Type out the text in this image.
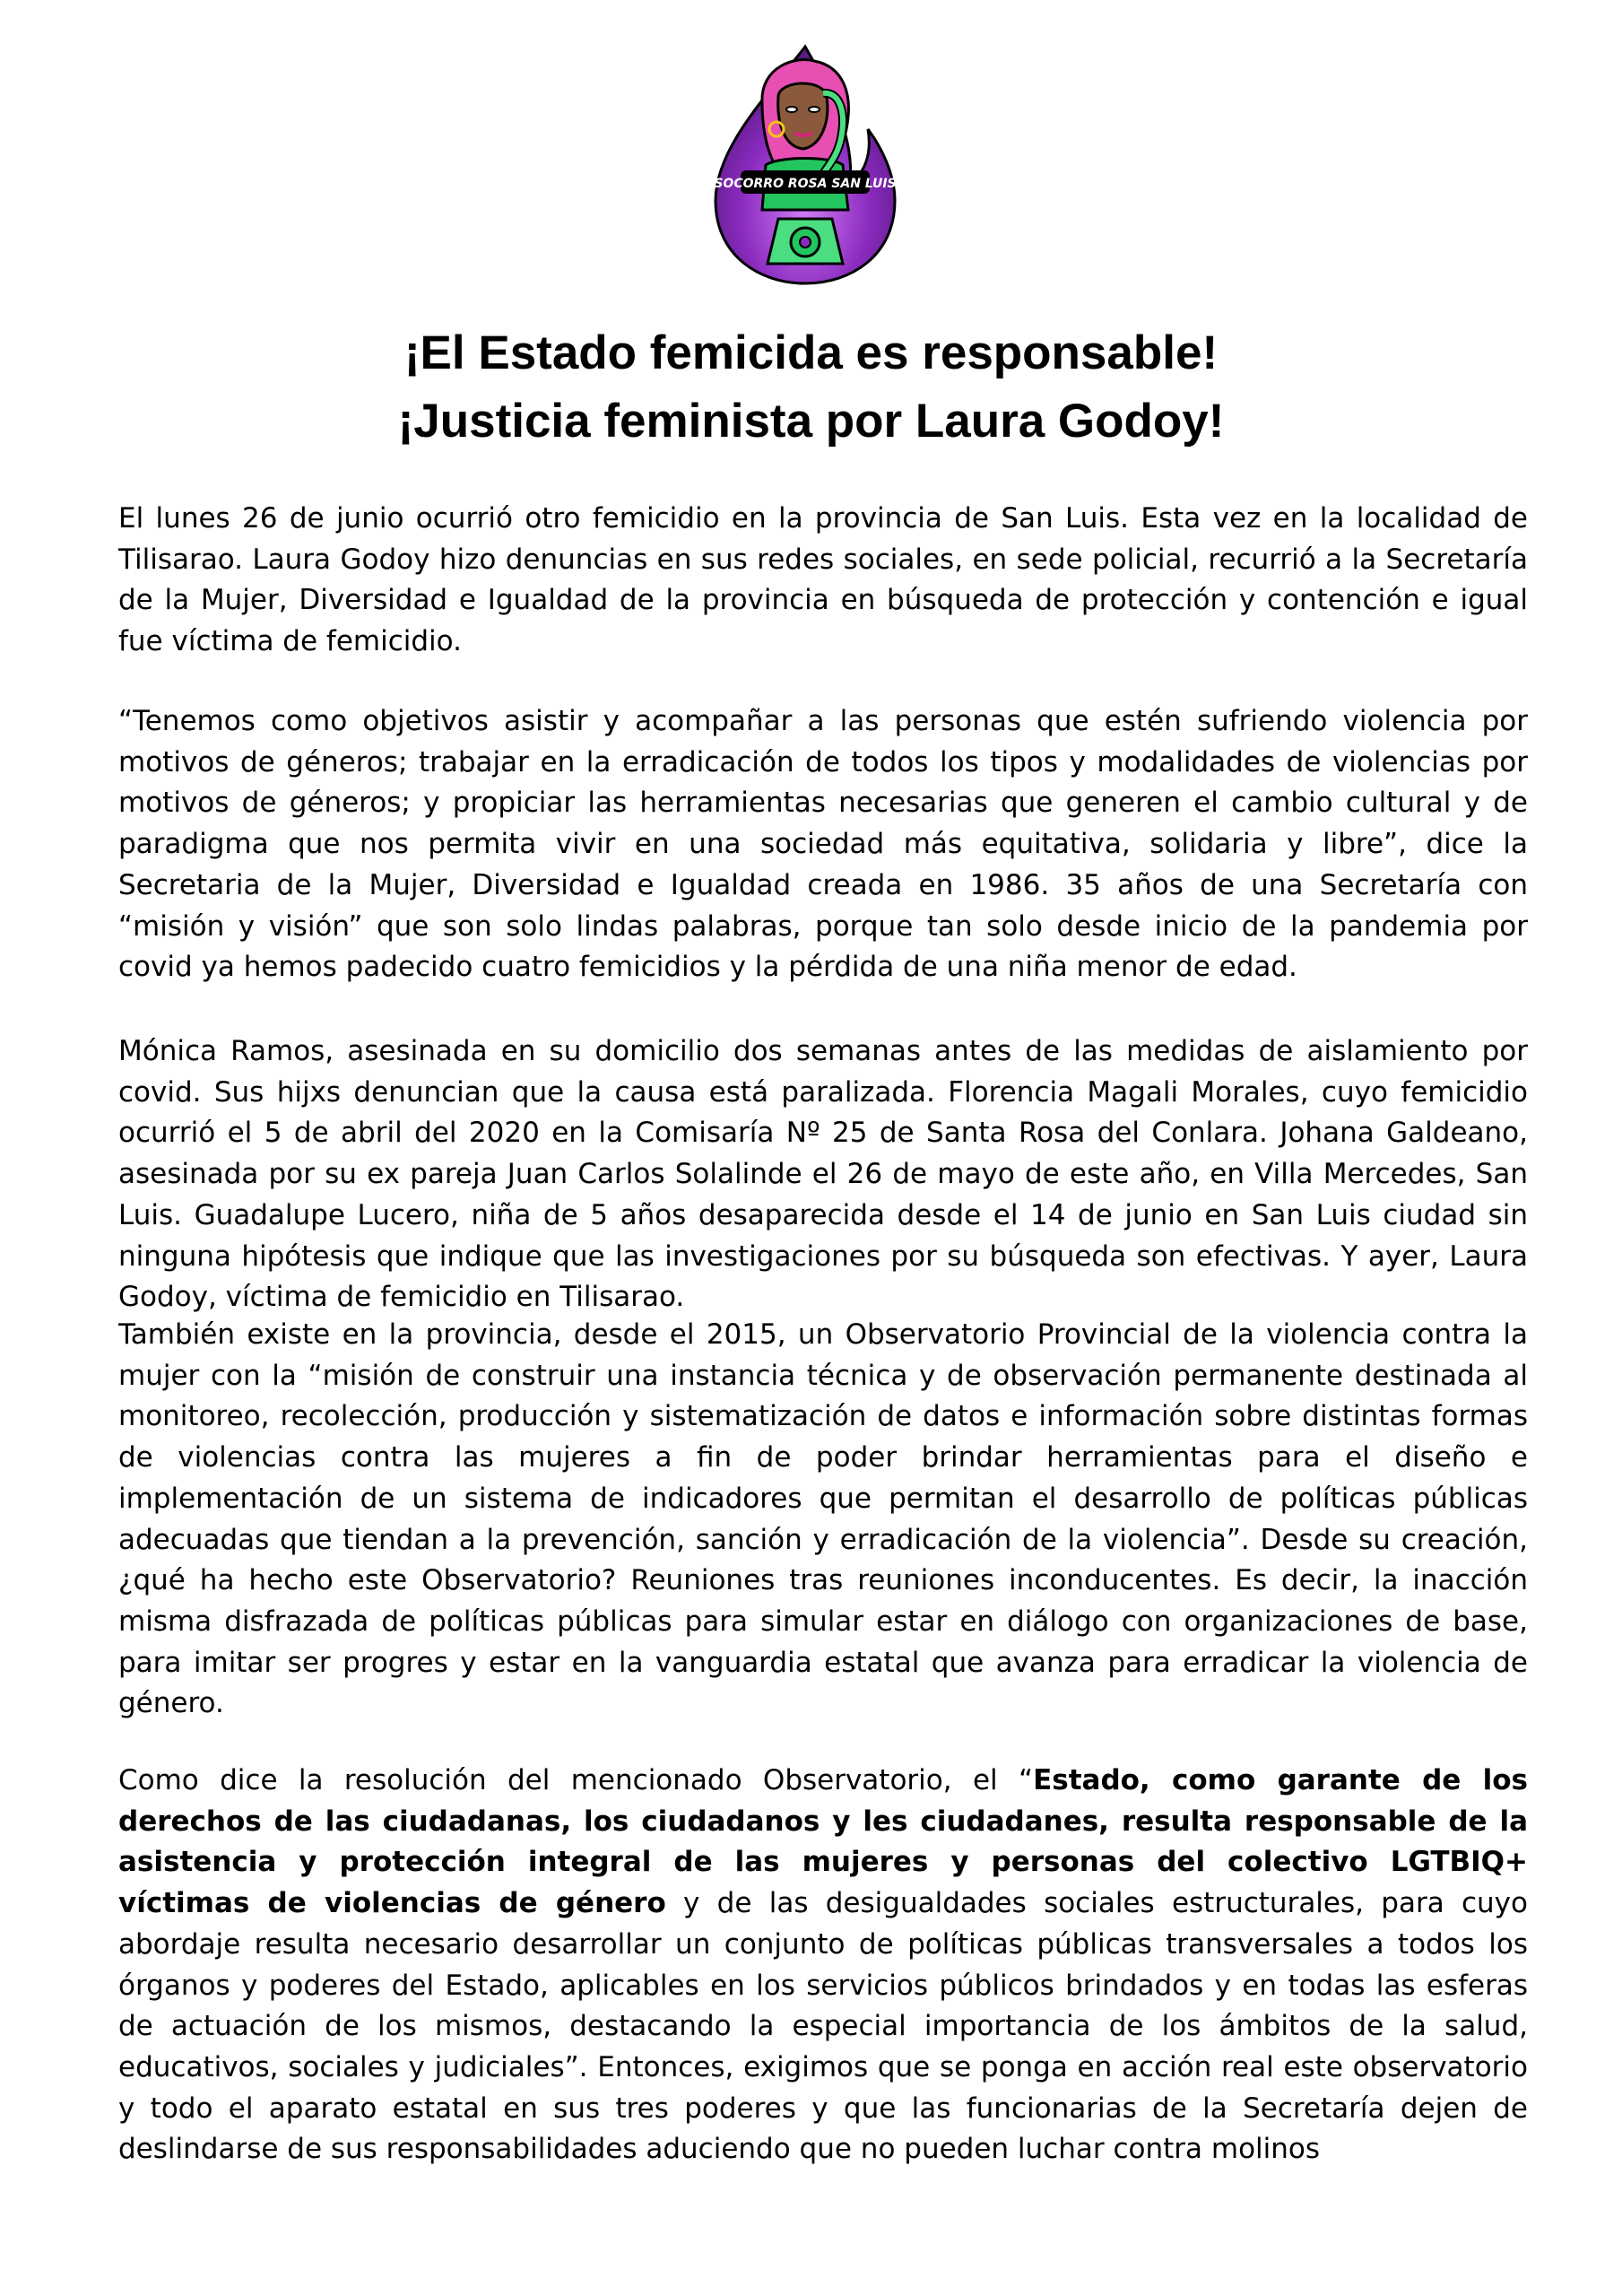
SOCORRO ROSA SAN LUIS
¡El Estado femicida es responsable!
¡Justicia feminista por Laura Godoy!

El lunes 26 de junio ocurrió otro femicidio en la provincia de San Luis. Esta vez en la localidad de Tilisarao. Laura Godoy hizo denuncias en sus redes sociales, en sede policial, recurrió a la Secretaría de la Mujer, Diversidad e Igualdad de la provincia en búsqueda de protección y contención e igual fue víctima de femicidio.

“Tenemos como objetivos asistir y acompañar a las personas que estén sufriendo violencia por motivos de géneros; trabajar en la erradicación de todos los tipos y modalidades de violencias por motivos de géneros; y propiciar las herramientas necesarias que generen el cambio cultural y de paradigma que nos permita vivir en una sociedad más equitativa, solidaria y libre”, dice la Secretaria de la Mujer, Diversidad e Igualdad creada en 1986. 35 años de una Secretaría con “misión y visión” que son solo lindas palabras, porque tan solo desde inicio de la pandemia por covid ya hemos padecido cuatro femicidios y la pérdida de una niña menor de edad.

Mónica Ramos, asesinada en su domicilio dos semanas antes de las medidas de aislamiento por covid. Sus hijxs denuncian que la causa está paralizada. Florencia Magali Morales, cuyo femicidio ocurrió el 5 de abril del 2020 en la Comisaría Nº 25 de Santa Rosa del Conlara. Johana Galdeano, asesinada por su ex pareja Juan Carlos Solalinde el 26 de mayo de este año, en Villa Mercedes, San Luis. Guadalupe Lucero, niña de 5 años desaparecida desde el 14 de junio en San Luis ciudad sin ninguna hipótesis que indique que las investigaciones por su búsqueda son efectivas. Y ayer, Laura Godoy, víctima de femicidio en Tilisarao.

También existe en la provincia, desde el 2015, un Observatorio Provincial de la violencia contra la mujer con la “misión de construir una instancia técnica y de observación permanente destinada al monitoreo, recolección, producción y sistematización de datos e información sobre distintas formas de violencias contra las mujeres a fin de poder brindar herramientas para el diseño e implementación de un sistema de indicadores que permitan el desarrollo de políticas públicas adecuadas que tiendan a la prevención, sanción y erradicación de la violencia”. Desde su creación, ¿qué ha hecho este Observatorio? Reuniones tras reuniones inconducentes. Es decir, la inacción misma disfrazada de políticas públicas para simular estar en diálogo con organizaciones de base, para imitar ser progres y estar en la vanguardia estatal que avanza para erradicar la violencia de género.

Como dice la resolución del mencionado Observatorio, el “Estado, como garante de los derechos de las ciudadanas, los ciudadanos y les ciudadanes, resulta responsable de la asistencia y protección integral de las mujeres y personas del colectivo LGTBIQ+ víctimas de violencias de género y de las desigualdades sociales estructurales, para cuyo abordaje resulta necesario desarrollar un conjunto de políticas públicas transversales a todos los órganos y poderes del Estado, aplicables en los servicios públicos brindados y en todas las esferas de actuación de los mismos, destacando la especial importancia de los ámbitos de la salud, educativos, sociales y judiciales”. Entonces, exigimos que se ponga en acción real este observatorio y todo el aparato estatal en sus tres poderes y que las funcionarias de la Secretaría dejen de deslindarse de sus responsabilidades aduciendo que no pueden luchar contra molinos
